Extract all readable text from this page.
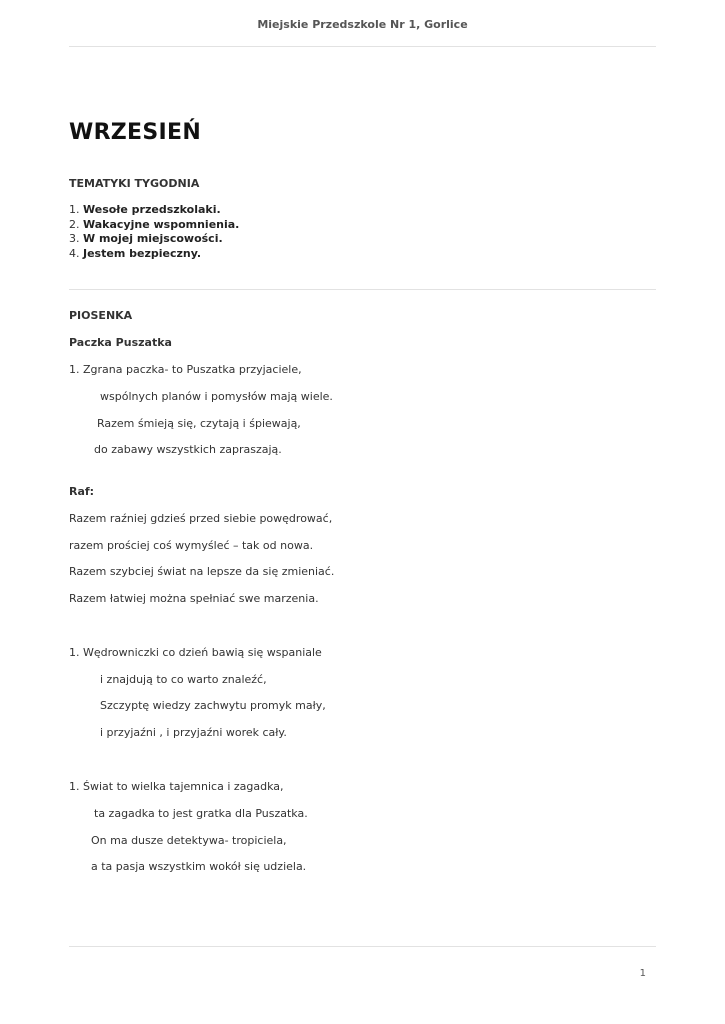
Miejskie Przedszkole Nr 1, Gorlice
WRZESIEŃ
TEMATYKI TYGODNIA
1. Wesołe przedszkolaki.
2. Wakacyjne wspomnienia.
3. W mojej miejscowości.
4. Jestem bezpieczny.
PIOSENKA
Paczka Puszatka
1. Zgrana paczka- to Puszatka przyjaciele,
wspólnych planów i pomysłów mają wiele.
Razem śmieją się, czytają i śpiewają,
do zabawy wszystkich zapraszają.
Raf:
Razem raźniej gdzieś przed siebie powędrować,
razem prościej coś wymyśleć – tak od nowa.
Razem szybciej świat na lepsze da się zmieniać.
Razem łatwiej można spełniać swe marzenia.
1. Wędrowniczki co dzień bawią się wspaniale
i znajdują to co warto znaleźć,
Szczyptę wiedzy zachwytu promyk mały,
i przyjaźni , i przyjaźni worek cały.
1. Świat to wielka tajemnica i zagadka,
ta zagadka to jest gratka dla Puszatka.
On ma dusze detektywa- tropiciela,
a ta pasja wszystkim wokół się udziela.
1
